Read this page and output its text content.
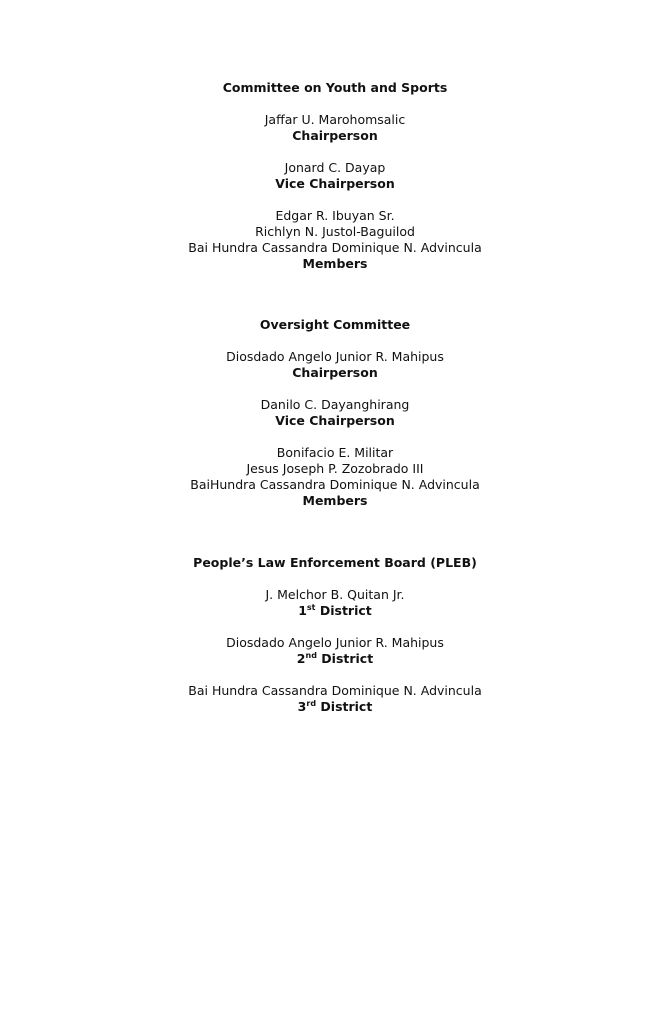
Committee on Youth and Sports

Jaffar U. Marohomsalic
Chairperson
Jonard C. Dayap
Vice Chairperson
Edgar R. Ibuyan Sr.
Richlyn N. Justol-Baguilod
Bai Hundra Cassandra Dominique N. Advincula
Members

Oversight Committee

Diosdado Angelo Junior R. Mahipus
Chairperson
Danilo C. Dayanghirang
Vice Chairperson
Bonifacio E. Militar
Jesus Joseph P. Zozobrado III
BaiHundra Cassandra Dominique N. Advincula
Members

People’s Law Enforcement Board (PLEB)

J. Melchor B. Quitan Jr.
1st District
Diosdado Angelo Junior R. Mahipus
2nd District
Bai Hundra Cassandra Dominique N. Advincula
3rd District
